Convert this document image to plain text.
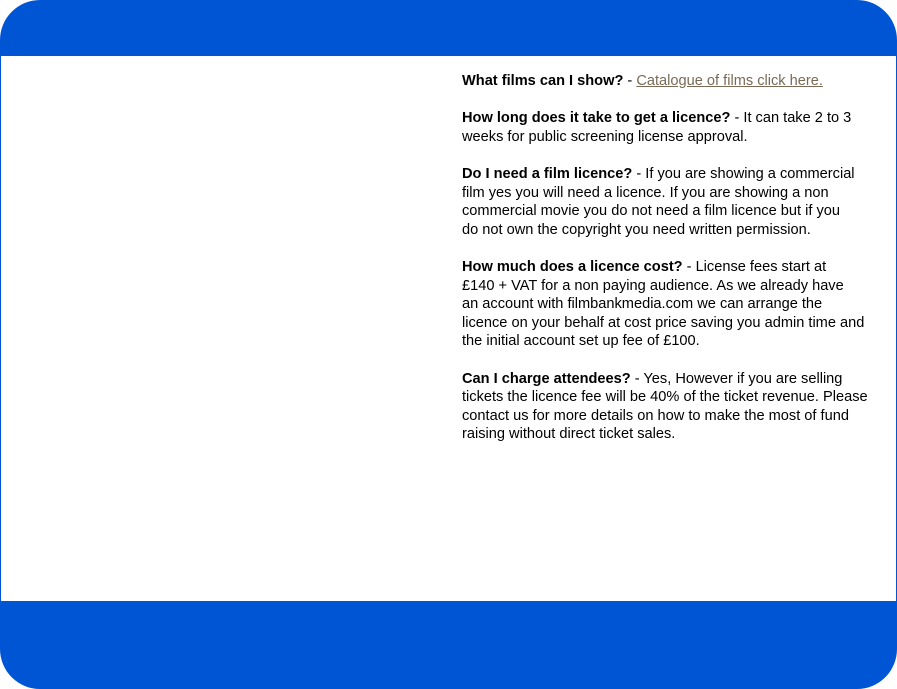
What films can I show? - Catalogue of films click here.
How long does it take to get a licence? - It can take 2 to 3
weeks for public screening license approval.
Do I need a film licence? - If you are showing a commercial
film yes you will need a licence. If you are showing a non
commercial movie you do not need a film licence but if you
do not own the copyright you need written permission.
How much does a licence cost? - License fees start at
£140 + VAT for a non paying audience. As we already have
an account with filmbankmedia.com we can arrange the
licence on your behalf at cost price saving you admin time and
the initial account set up fee of £100.
Can I charge attendees? - Yes, However if you are selling
tickets the licence fee will be 40% of the ticket revenue. Please
contact us for more details on how to make the most of fund
raising without direct ticket sales.
